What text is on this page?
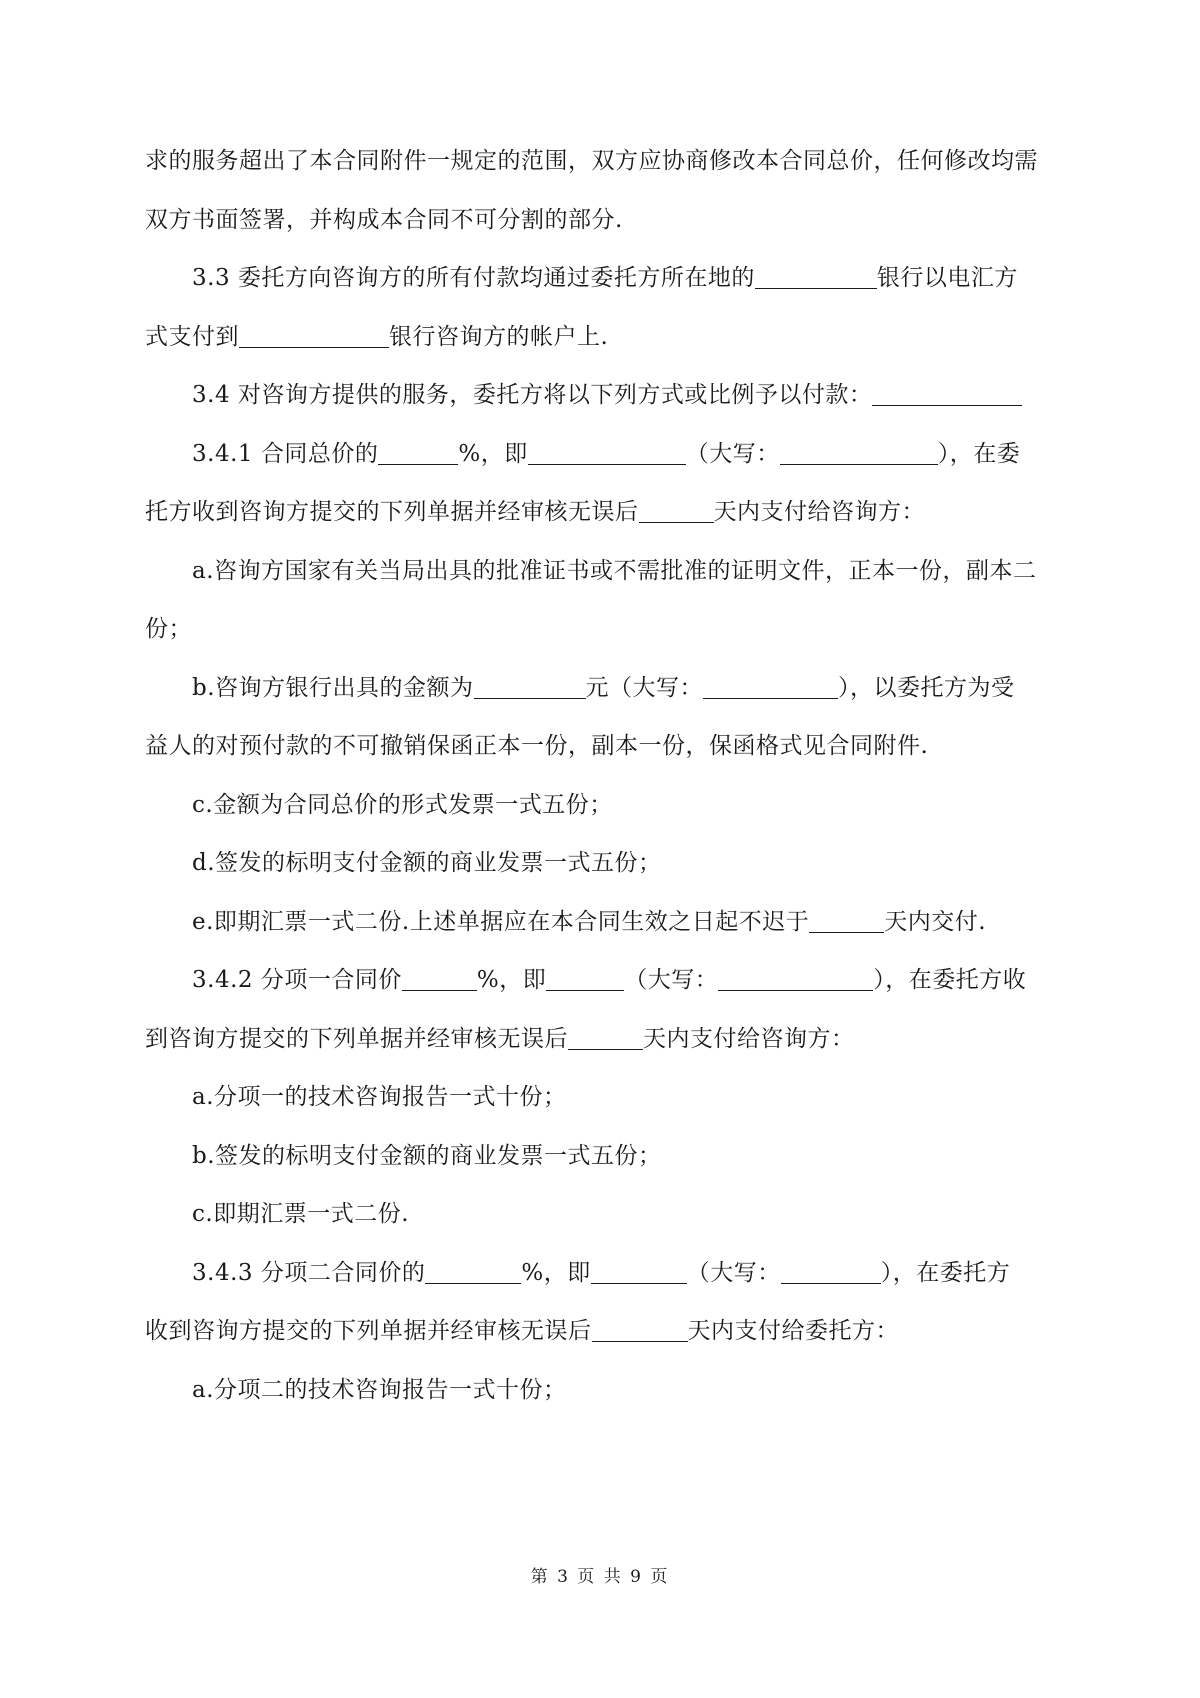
求的服务超出了本合同附件一规定的范围，双方应协商修改本合同总价，任何修改均需
双方书面签署，并构成本合同不可分割的部分.
3.3 委托方向咨询方的所有付款均通过委托方所在地的	银行以电汇方
式支付到	银行咨询方的帐户上.
3.4 对咨询方提供的服务，委托方将以下列方式或比例予以付款：
3.4.1 合同总价的	%，即	（大写：	），在委
托方收到咨询方提交的下列单据并经审核无误后	天内支付给咨询方：
a.咨询方国家有关当局出具的批准证书或不需批准的证明文件，正本一份，副本二
份；
b.咨询方银行出具的金额为	元（大写：	），以委托方为受
益人的对预付款的不可撤销保函正本一份，副本一份，保函格式见合同附件.
c.金额为合同总价的形式发票一式五份；
d.签发的标明支付金额的商业发票一式五份；
e.即期汇票一式二份.上述单据应在本合同生效之日起不迟于	天内交付.
3.4.2 分项一合同价	%，即	（大写：	），在委托方收
到咨询方提交的下列单据并经审核无误后	天内支付给咨询方：
a.分项一的技术咨询报告一式十份；
b.签发的标明支付金额的商业发票一式五份；
c.即期汇票一式二份.
3.4.3 分项二合同价的	%，即	（大写：	），在委托方
收到咨询方提交的下列单据并经审核无误后	天内支付给委托方：
a.分项二的技术咨询报告一式十份；
第 3 页 共 9 页
